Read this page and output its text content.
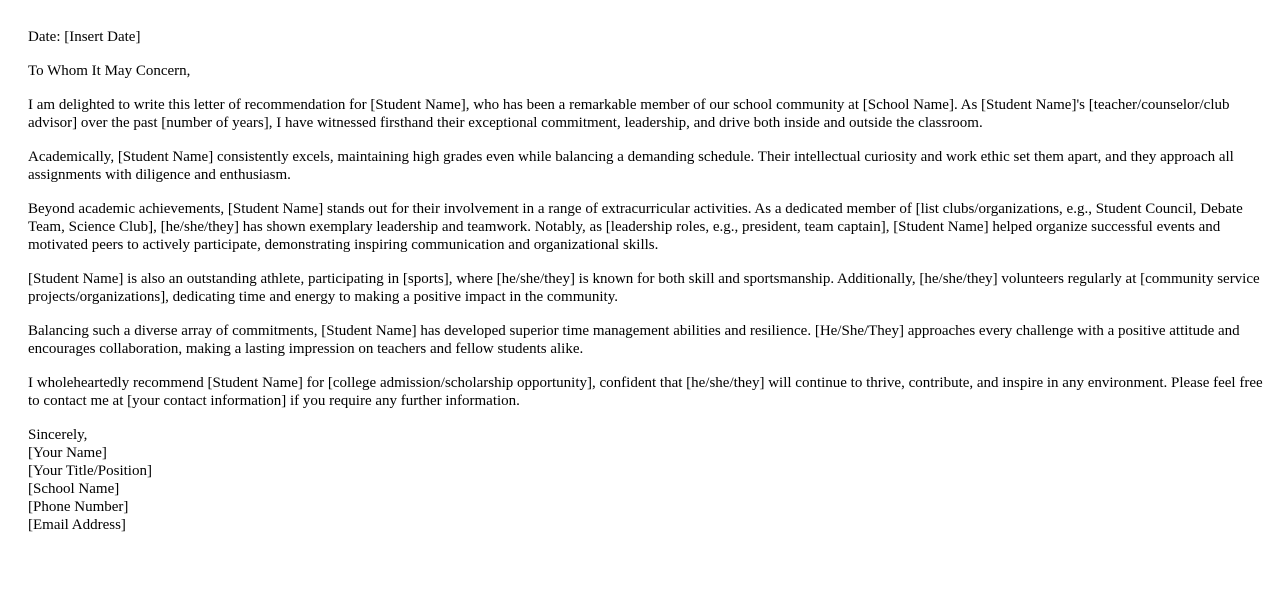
Date: [Insert Date]

To Whom It May Concern,

I am delighted to write this letter of recommendation for [Student Name], who has been a remarkable member of our school community at [School Name]. As [Student Name]'s [teacher/counselor/club advisor] over the past [number of years], I have witnessed firsthand their exceptional commitment, leadership, and drive both inside and outside the classroom.

Academically, [Student Name] consistently excels, maintaining high grades even while balancing a demanding schedule. Their intellectual curiosity and work ethic set them apart, and they approach all assignments with diligence and enthusiasm.

Beyond academic achievements, [Student Name] stands out for their involvement in a range of extracurricular activities. As a dedicated member of [list clubs/organizations, e.g., Student Council, Debate Team, Science Club], [he/she/they] has shown exemplary leadership and teamwork. Notably, as [leadership roles, e.g., president, team captain], [Student Name] helped organize successful events and motivated peers to actively participate, demonstrating inspiring communication and organizational skills.

[Student Name] is also an outstanding athlete, participating in [sports], where [he/she/they] is known for both skill and sportsmanship. Additionally, [he/she/they] volunteers regularly at [community service projects/organizations], dedicating time and energy to making a positive impact in the community.

Balancing such a diverse array of commitments, [Student Name] has developed superior time management abilities and resilience. [He/She/They] approaches every challenge with a positive attitude and encourages collaboration, making a lasting impression on teachers and fellow students alike.

I wholeheartedly recommend [Student Name] for [college admission/scholarship opportunity], confident that [he/she/they] will continue to thrive, contribute, and inspire in any environment. Please feel free to contact me at [your contact information] if you require any further information.

Sincerely,
[Your Name]
[Your Title/Position]
[School Name]
[Phone Number]
[Email Address]
